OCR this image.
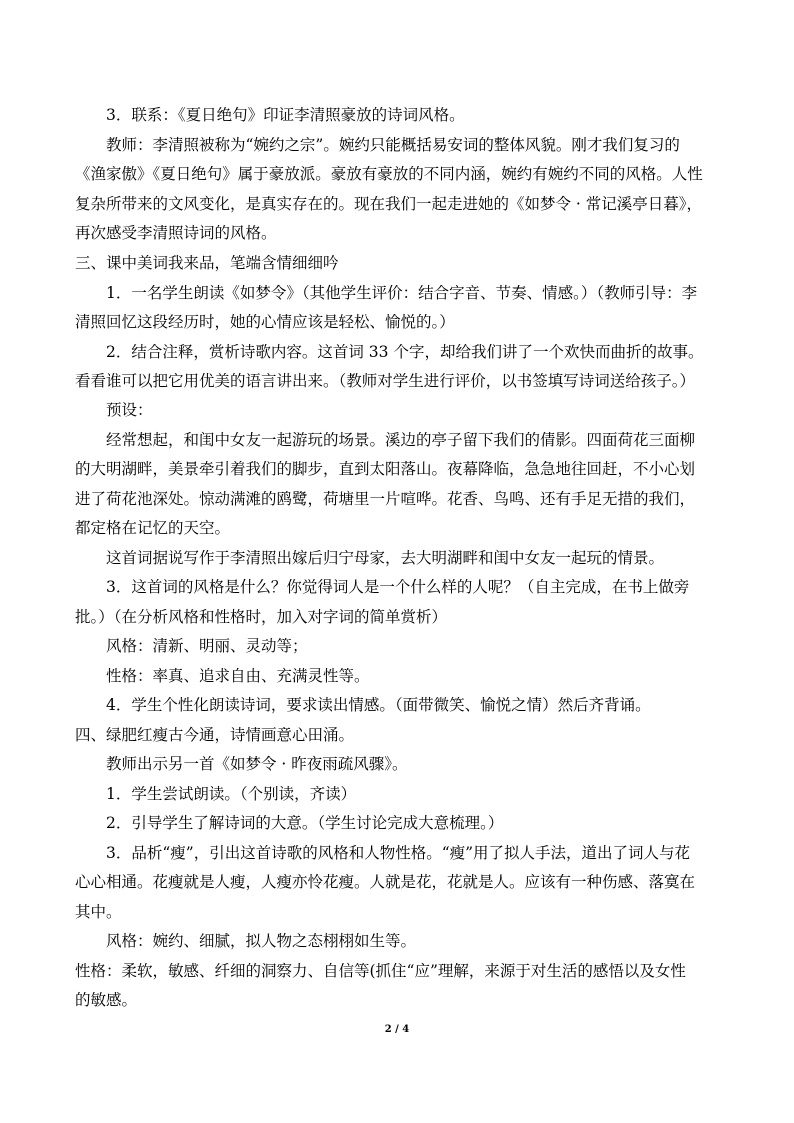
3．联系：《夏日绝句》印证李清照豪放的诗词风格。

教师：李清照被称为“婉约之宗”。婉约只能概括易安词的整体风貌。刚才我们复习的

《渔家傲》《夏日绝句》属于豪放派。豪放有豪放的不同内涵，婉约有婉约不同的风格。人性

复杂所带来的文风变化，是真实存在的。现在我们一起走进她的《如梦令 · 常记溪亭日暮》，

再次感受李清照诗词的风格。

三、课中美词我来品，笔端含情细细吟

1．一名学生朗读《如梦令》（其他学生评价：结合字音、节奏、情感。）（教师引导：李

清照回忆这段经历时，她的心情应该是轻松、愉悦的。）

2．结合注释，赏析诗歌内容。这首词 33 个字，却给我们讲了一个欢快而曲折的故事。

看看谁可以把它用优美的语言讲出来。（教师对学生进行评价，以书签填写诗词送给孩子。）

预设：

经常想起，和闺中女友一起游玩的场景。溪边的亭子留下我们的倩影。四面荷花三面柳

的大明湖畔，美景牵引着我们的脚步，直到太阳落山。夜幕降临，急急地往回赶，不小心划

进了荷花池深处。惊动满滩的鸥鹭，荷塘里一片喧哗。花香、鸟鸣、还有手足无措的我们，

都定格在记忆的天空。

这首词据说写作于李清照出嫁后归宁母家，去大明湖畔和闺中女友一起玩的情景。

3．这首词的风格是什么？你觉得词人是一个什么样的人呢？（自主完成，在书上做旁

批。）（在分析风格和性格时，加入对字词的简单赏析）

风格：清新、明丽、灵动等；

性格：率真、追求自由、充满灵性等。

4．学生个性化朗读诗词，要求读出情感。（面带微笑、愉悦之情）然后齐背诵。

四、绿肥红瘦古今通，诗情画意心田涌。

教师出示另一首《如梦令 · 昨夜雨疏风骤》。

1．学生尝试朗读。（个别读，齐读）

2．引导学生了解诗词的大意。（学生讨论完成大意梳理。）

3．品析“瘦”，引出这首诗歌的风格和人物性格。“瘦”用了拟人手法，道出了词人与花

心心相通。花瘦就是人瘦，人瘦亦怜花瘦。人就是花，花就是人。应该有一种伤感、落寞在

其中。

风格：婉约、细腻，拟人物之态栩栩如生等。

性格：柔软，敏感、纤细的洞察力、自信等(抓住“应”理解，来源于对生活的感悟以及女性

的敏感。

2 / 4
